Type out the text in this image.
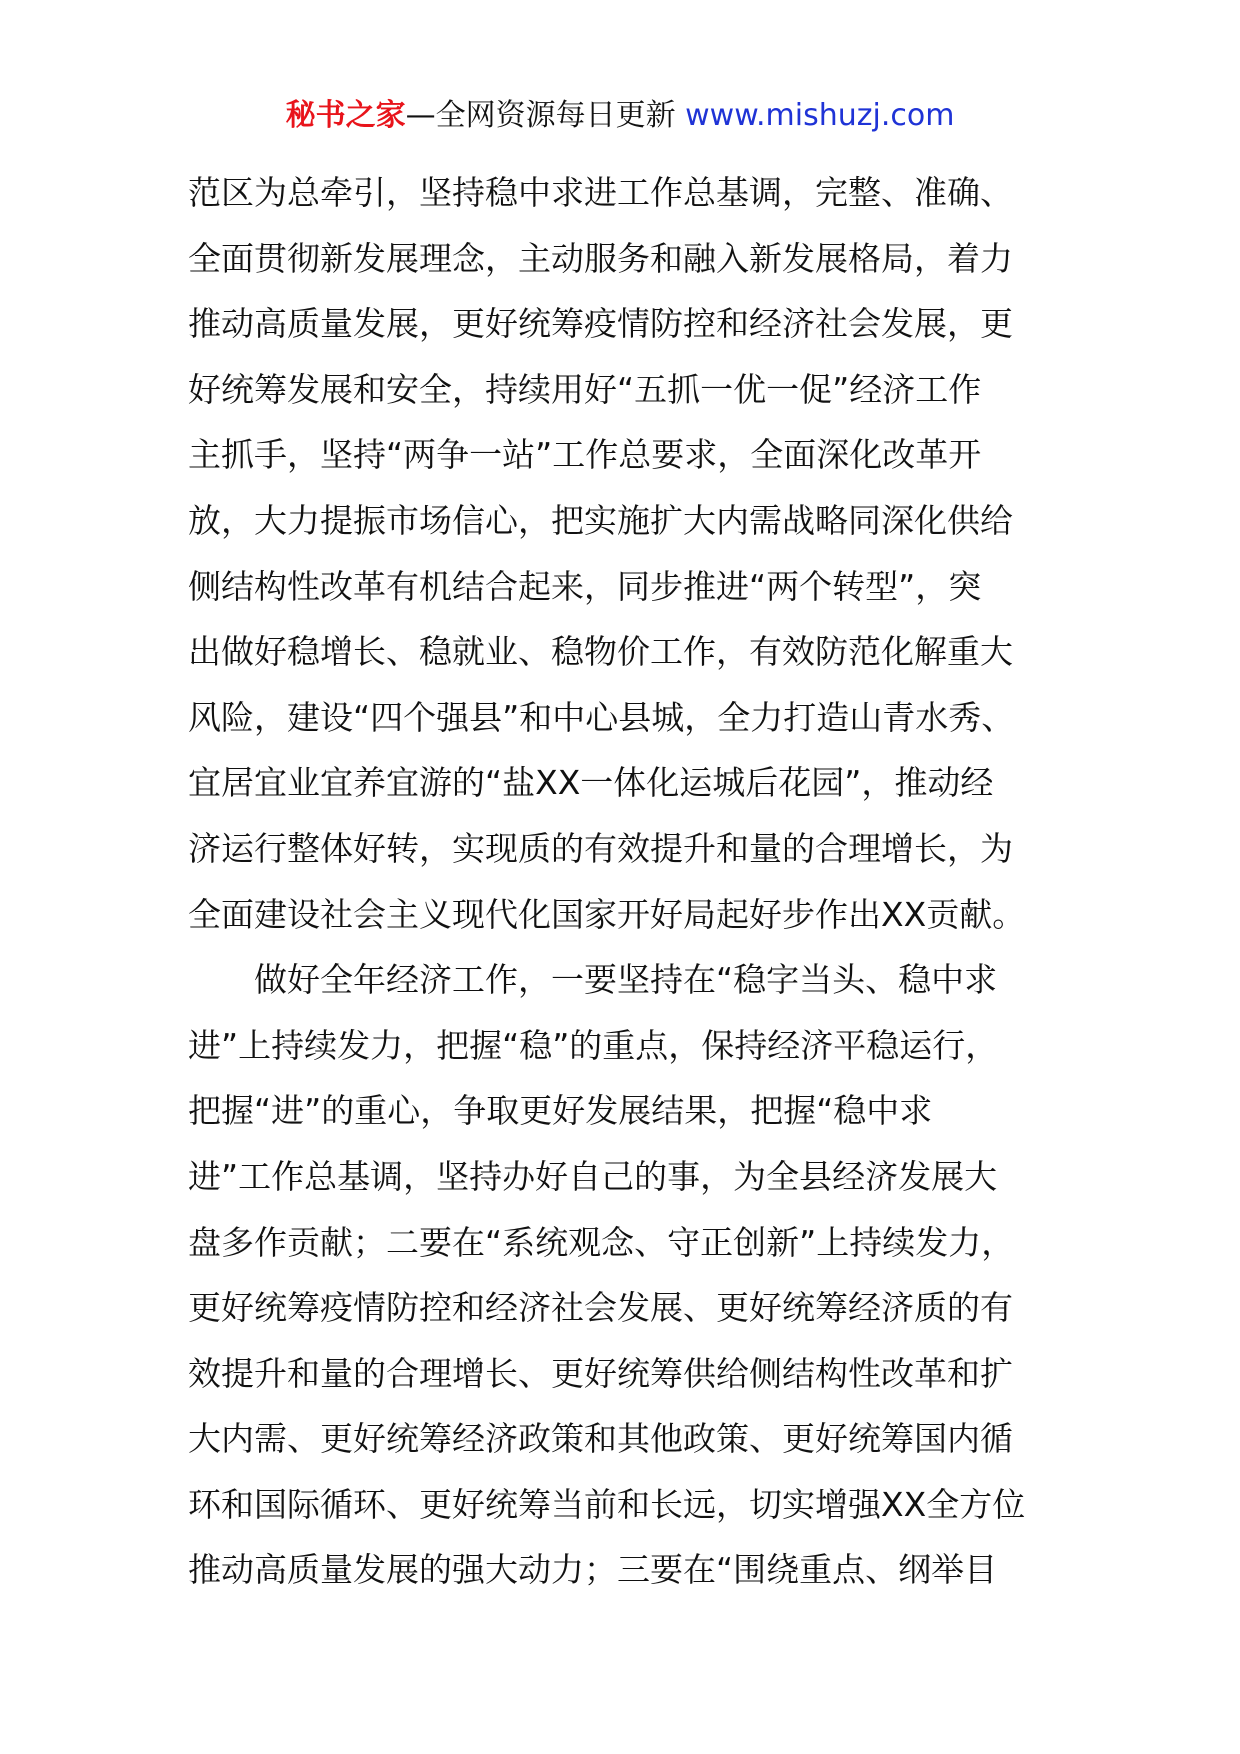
秘书之家—全网资源每日更新 www.mishuzj.com
范区为总牵引，坚持稳中求进工作总基调，完整、准确、
全面贯彻新发展理念，主动服务和融入新发展格局，着力
推动高质量发展，更好统筹疫情防控和经济社会发展，更
好统筹发展和安全，持续用好“五抓一优一促”经济工作
主抓手，坚持“两争一站”工作总要求，全面深化改革开
放，大力提振市场信心，把实施扩大内需战略同深化供给
侧结构性改革有机结合起来，同步推进“两个转型”，突
出做好稳增长、稳就业、稳物价工作，有效防范化解重大
风险，建设“四个强县”和中心县城，全力打造山青水秀、
宜居宜业宜养宜游的“盐XX一体化运城后花园”，推动经
济运行整体好转，实现质的有效提升和量的合理增长，为
全面建设社会主义现代化国家开好局起好步作出XX贡献。
做好全年经济工作，一要坚持在“稳字当头、稳中求
进”上持续发力，把握“稳”的重点，保持经济平稳运行，
把握“进”的重心，争取更好发展结果，把握“稳中求
进”工作总基调，坚持办好自己的事，为全县经济发展大
盘多作贡献；二要在“系统观念、守正创新”上持续发力，
更好统筹疫情防控和经济社会发展、更好统筹经济质的有
效提升和量的合理增长、更好统筹供给侧结构性改革和扩
大内需、更好统筹经济政策和其他政策、更好统筹国内循
环和国际循环、更好统筹当前和长远，切实增强XX全方位
推动高质量发展的强大动力；三要在“围绕重点、纲举目
